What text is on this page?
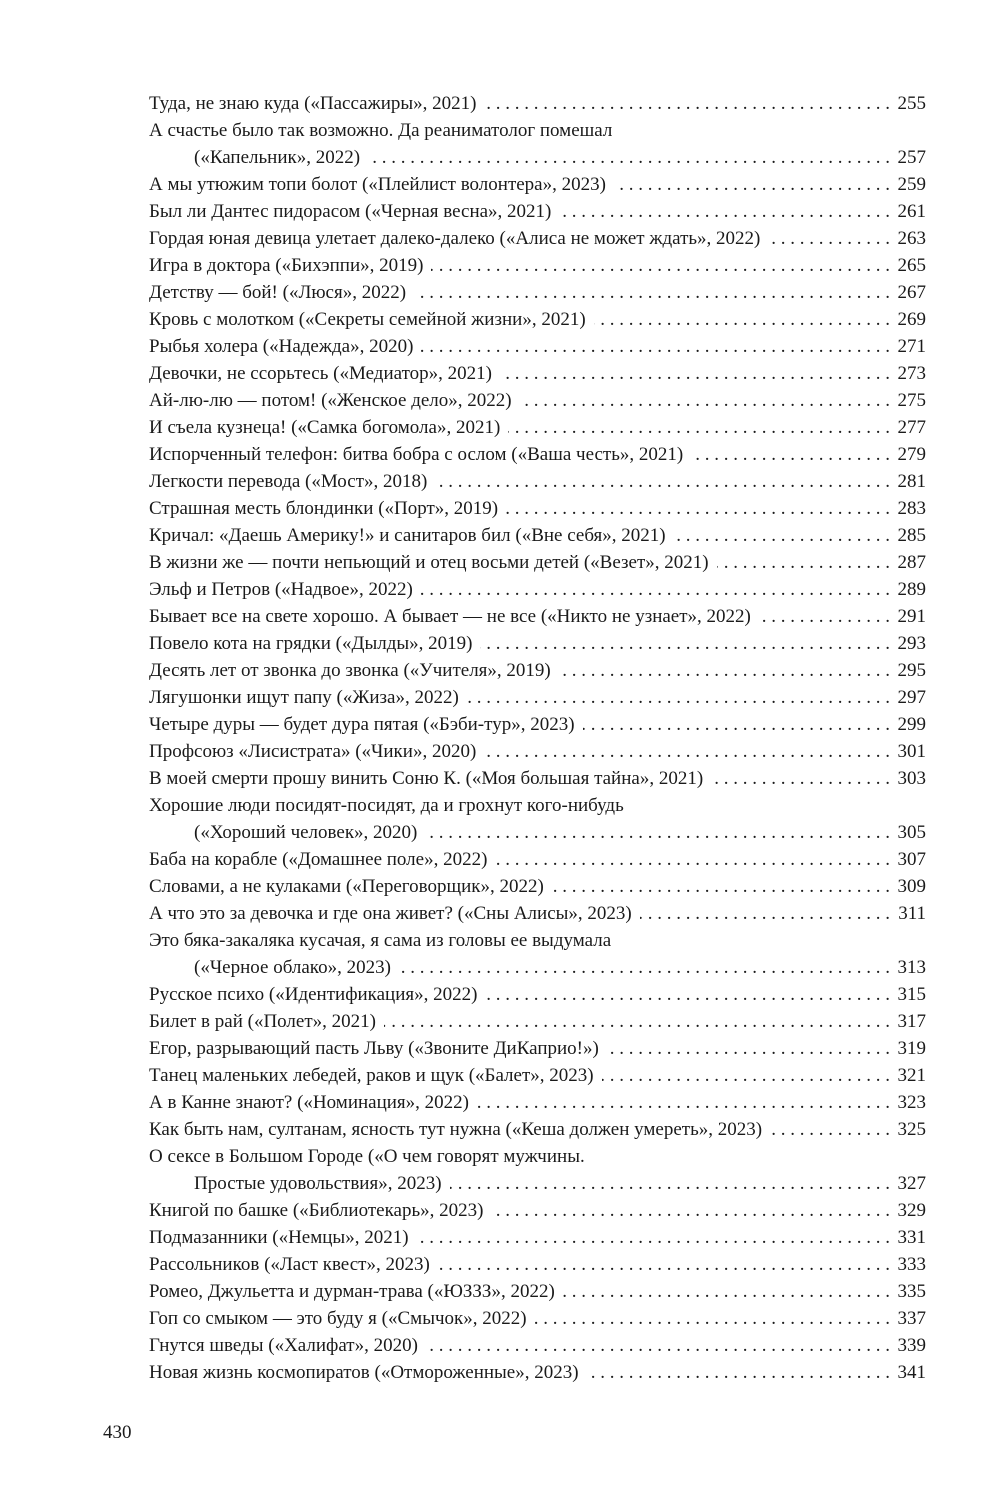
Туда, не знаю куда («Пассажиры», 2021) . . .	255
А счастье было так возможно. Да реаниматолог помешал
(«Капельник», 2022) . . .	257
А мы утюжим топи болот («Плейлист волонтера», 2023) . . .	259
Был ли Дантес пидорасом («Черная весна», 2021) . . .	261
Гордая юная девица улетает далеко-далеко («Алиса не может ждать», 2022) . . .	263
Игра в доктора («Бихэппи», 2019) . . .	265
Детству — бой! («Люся», 2022) . . .	267
Кровь с молотком («Секреты семейной жизни», 2021) . . .	269
Рыбья холера («Надежда», 2020) . . .	271
Девочки, не ссорьтесь («Медиатор», 2021) . . .	273
Ай-лю-лю — потом! («Женское дело», 2022) . . .	275
И съела кузнеца! («Самка богомола», 2021) . . .	277
Испорченный телефон: битва бобра с ослом («Ваша честь», 2021) . . .	279
Легкости перевода («Мост», 2018) . . .	281
Страшная месть блондинки («Порт», 2019) . . .	283
Кричал: «Даешь Америку!» и санитаров бил («Вне себя», 2021) . . .	285
В жизни же — почти непьющий и отец восьми детей («Везет», 2021) . . .	287
Эльф и Петров («Надвое», 2022) . . .	289
Бывает все на свете хорошо. А бывает — не все («Никто не узнает», 2022) . . .	291
Повело кота на грядки («Дылды», 2019) . . .	293
Десять лет от звонка до звонка («Учителя», 2019) . . .	295
Лягушонки ищут папу («Жиза», 2022) . . .	297
Четыре дуры — будет дура пятая («Бэби-тур», 2023) . . .	299
Профсоюз «Лисистрата» («Чики», 2020) . . .	301
В моей смерти прошу винить Соню К. («Моя большая тайна», 2021) . . .	303
Хорошие люди посидят-посидят, да и грохнут кого-нибудь
(«Хороший человек», 2020) . . .	305
Баба на корабле («Домашнее поле», 2022) . . .	307
Словами, а не кулаками («Переговорщик», 2022) . . .	309
А что это за девочка и где она живет? («Сны Алисы», 2023) . . .	311
Это бяка-закаляка кусачая, я сама из головы ее выдумала
(«Черное облако», 2023) . . .	313
Русское психо («Идентификация», 2022) . . .	315
Билет в рай («Полет», 2021) . . .	317
Егор, разрывающий пасть Льву («Звоните ДиКаприо!») . . .	319
Танец маленьких лебедей, раков и щук («Балет», 2023) . . .	321
А в Канне знают? («Номинация», 2022) . . .	323
Как быть нам, султанам, ясность тут нужна («Кеша должен умереть», 2023) . . .	325
О сексе в Большом Городе («О чем говорят мужчины.
Простые удовольствия», 2023) . . .	327
Книгой по башке («Библиотекарь», 2023) . . .	329
Подмазанники («Немцы», 2021) . . .	331
Рассольников («Ласт квест», 2023) . . .	333
Ромео, Джульетта и дурман-трава («ЮЗЗЗ», 2022) . . .	335
Гоп со смыком — это буду я («Смычок», 2022) . . .	337
Гнутся шведы («Халифат», 2020) . . .	339
Новая жизнь космопиратов («Отмороженные», 2023) . . .	341
430
